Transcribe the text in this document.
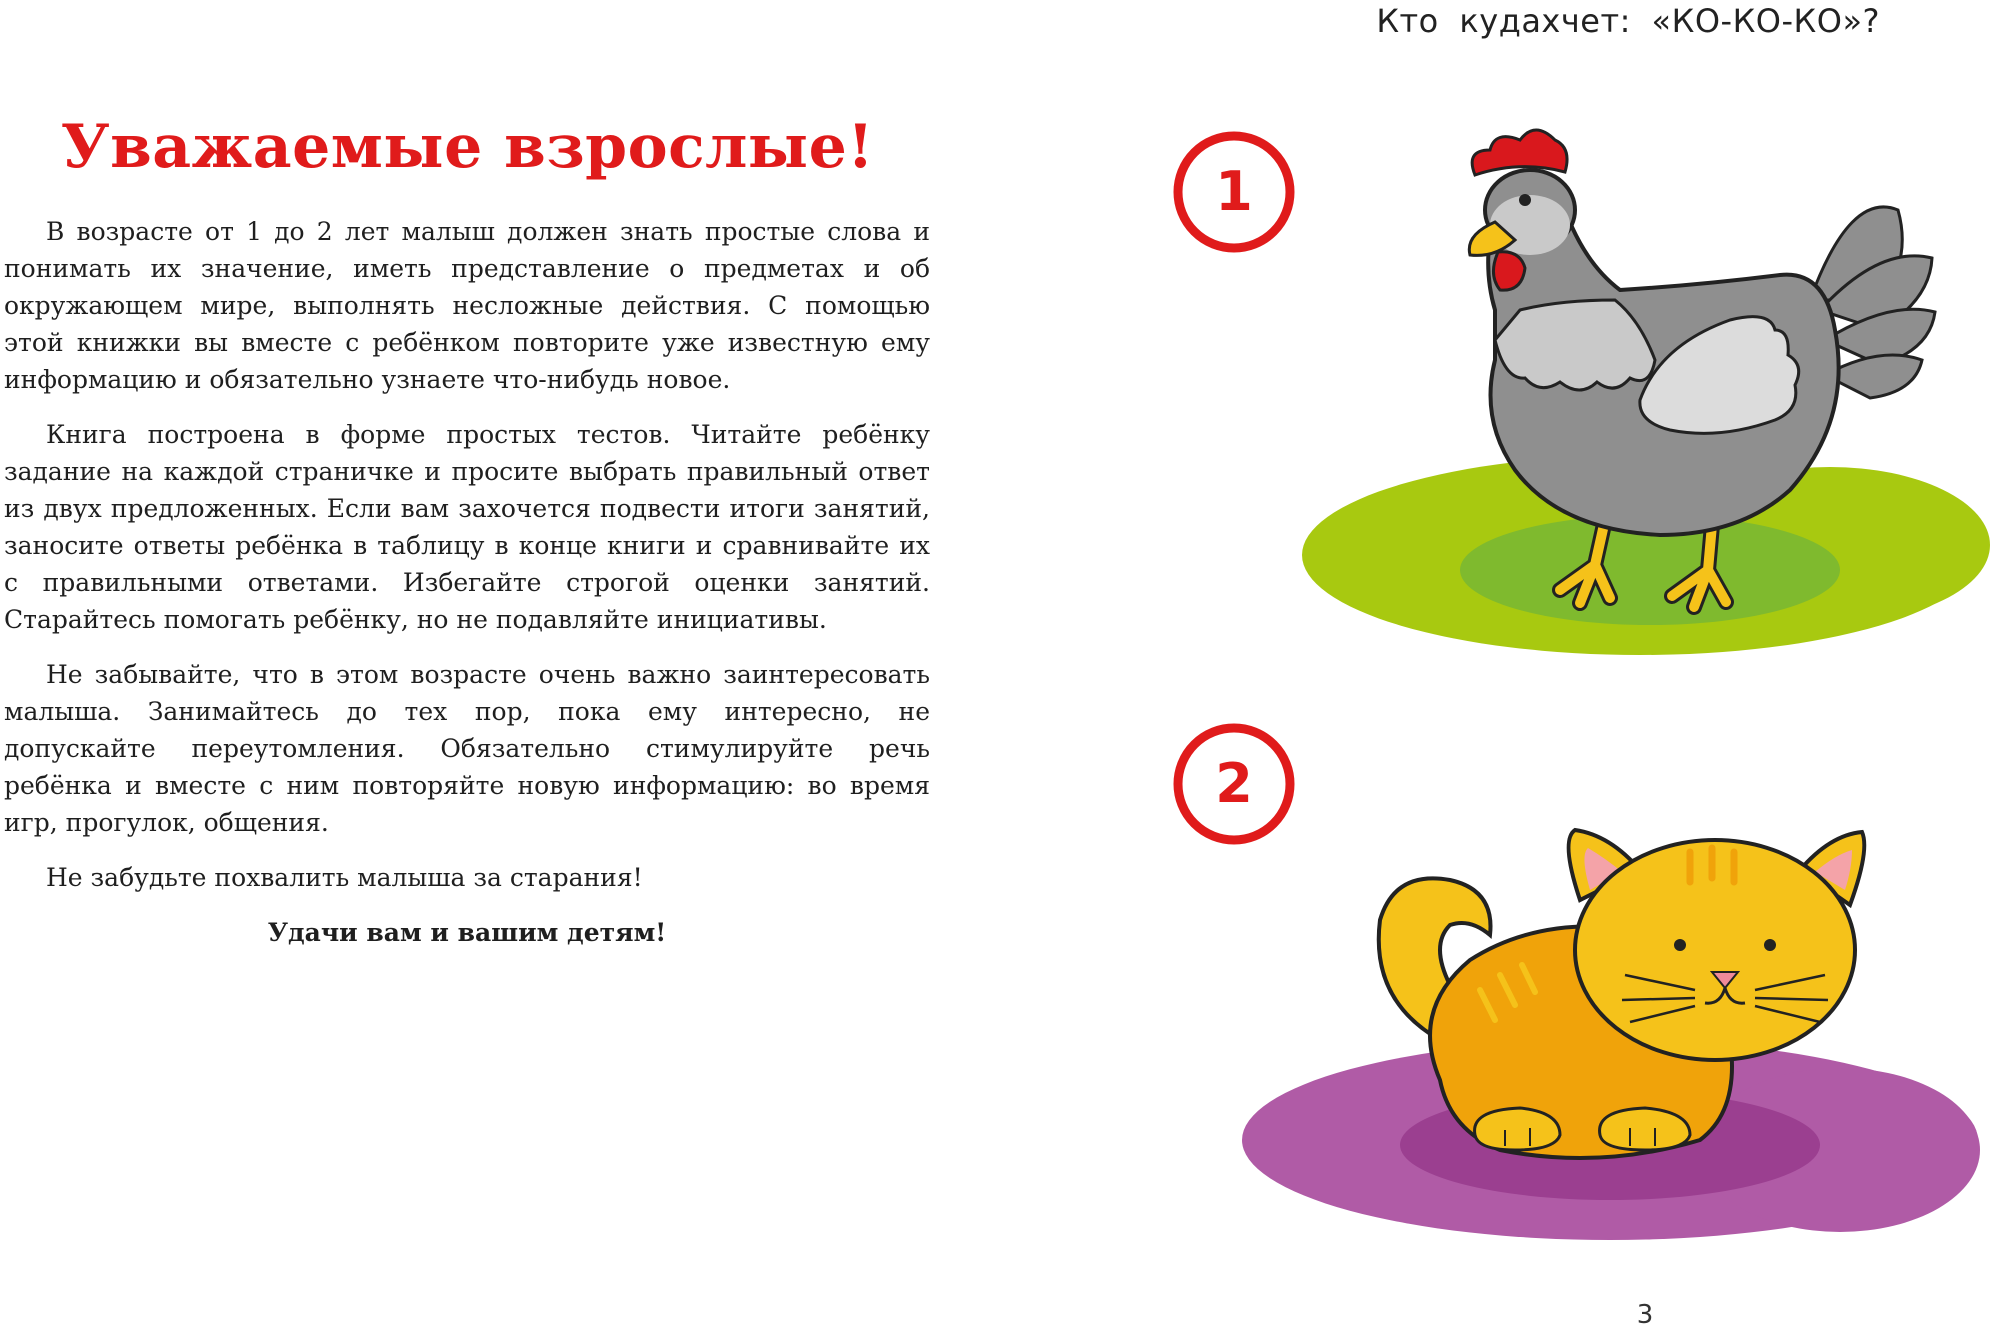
Кто кудахчет: «КО-КО-КО»?
Уважаемые взрослые!

В возрасте от 1 до 2 лет малыш должен знать простые слова и понимать их значение, иметь представление о предметах и об окружающем мире, выполнять несложные действия. С помощью этой книжки вы вместе с ребёнком повторите уже известную ему информацию и обязательно узнаете что-нибудь новое.

Книга построена в форме простых тестов. Читайте ребёнку задание на каждой страничке и просите выбрать правильный ответ из двух предложенных. Если вам захочется подвести итоги занятий, заносите ответы ребёнка в таблицу в конце книги и сравнивайте их с правильными ответами. Избегайте строгой оценки занятий. Старайтесь помогать ребёнку, но не подавляйте инициативы.

Не забывайте, что в этом возрасте очень важно заинтересовать малыша. Занимайтесь до тех пор, пока ему интересно, не допускайте переутомления. Обязательно стимулируйте речь ребёнка и вместе с ним повторяйте новую информацию: во время игр, прогулок, общения.

Не забудьте похвалить малыша за старания!

Удачи вам и вашим детям!

1
2
3
